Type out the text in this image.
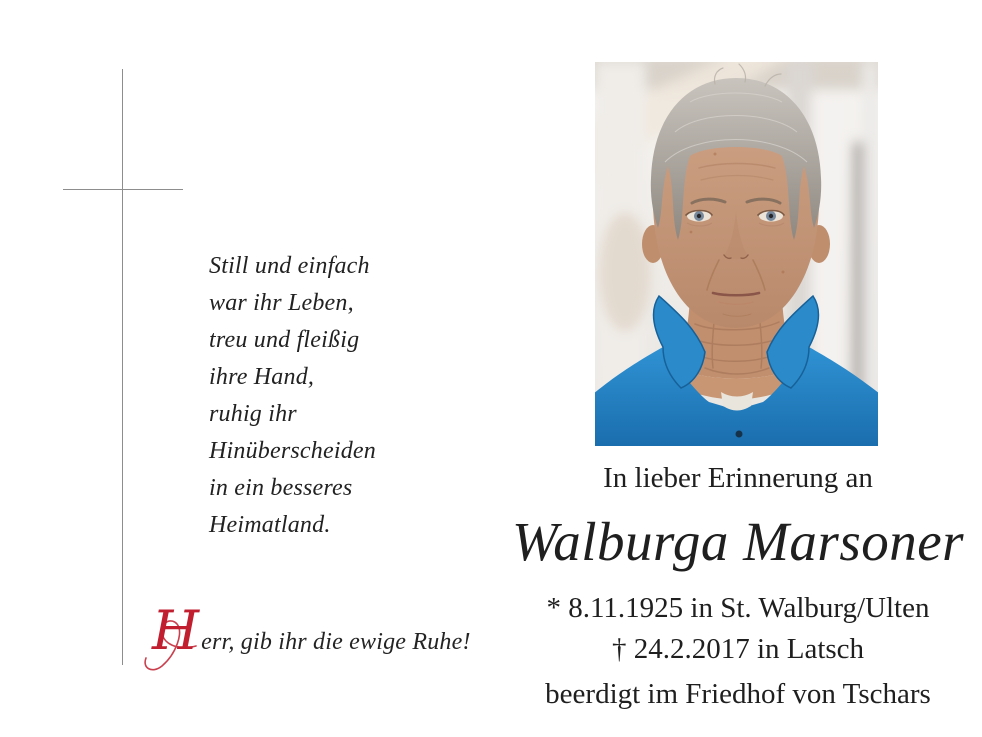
Still und einfach
war ihr Leben,
treu und fleißig
ihre Hand,
ruhig ihr
Hinüberscheiden
in ein besseres
Heimatland.
H err, gib ihr die ewige Ruhe!
In lieber Erinnerung an
Walburga Marsoner
* 8.11.1925 in St. Walburg/Ulten
† 24.2.2017 in Latsch
beerdigt im Friedhof von Tschars
